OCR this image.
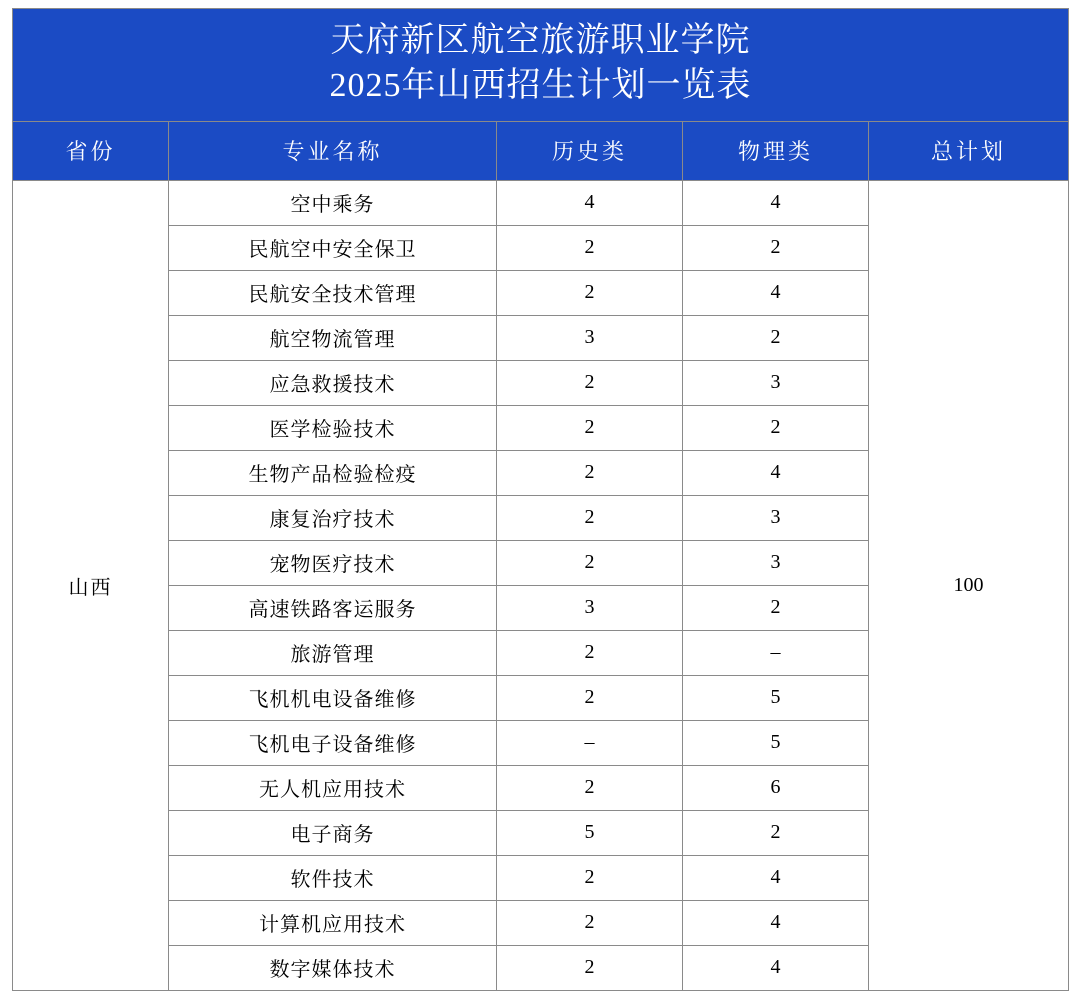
天府新区航空旅游职业学院
2025年山西招生计划一览表				

省份	专业名称	历史类	物理类	总计划
山西	空中乘务	4	4	100
	民航空中安全保卫	2	2	
	民航安全技术管理	2	4	
	航空物流管理	3	2	
	应急救援技术	2	3	
	医学检验技术	2	2	
	生物产品检验检疫	2	4	
	康复治疗技术	2	3	
	宠物医疗技术	2	3	
	高速铁路客运服务	3	2	
	旅游管理	2	–	
	飞机机电设备维修	2	5	
	飞机电子设备维修	–	5	
	无人机应用技术	2	6	
	电子商务	5	2	
	软件技术	2	4	
	计算机应用技术	2	4	
	数字媒体技术	2	4	
